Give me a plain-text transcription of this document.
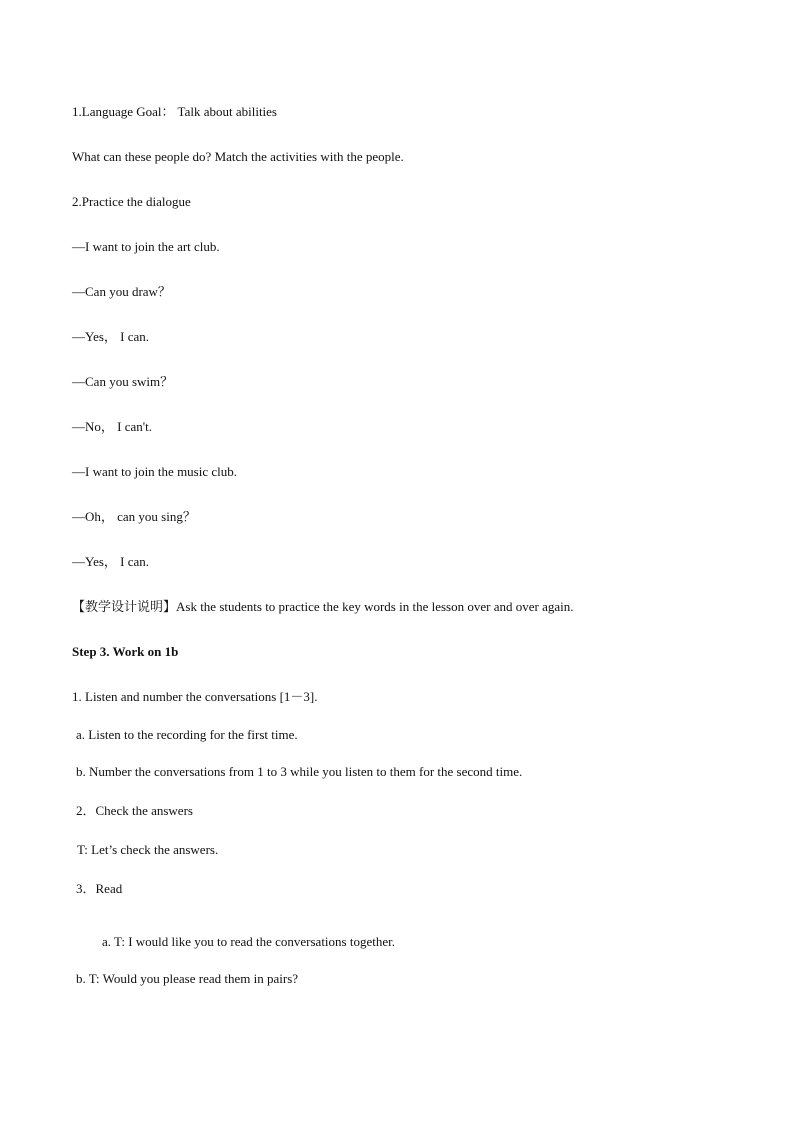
1.Language Goal： Talk about abilities
What can these people do? Match the activities with the people.
2.Practice the dialogue
—I want to join the art club.
—Can you draw？
—Yes， I can.
—Can you swim？
—No， I can't.
—I want to join the music club.
—Oh， can you sing？
—Yes， I can.
【教学设计说明】Ask the students to practice the key words in the lesson over and over again.
Step 3. Work on 1b
1. Listen and number the conversations [1－3].
a. Listen to the recording for the first time.
b. Number the conversations from 1 to 3 while you listen to them for the second time.
2．Check the answers
T: Let’s check the answers.
3．Read
a. T: I would like you to read the conversations together.
b. T: Would you please read them in pairs?
